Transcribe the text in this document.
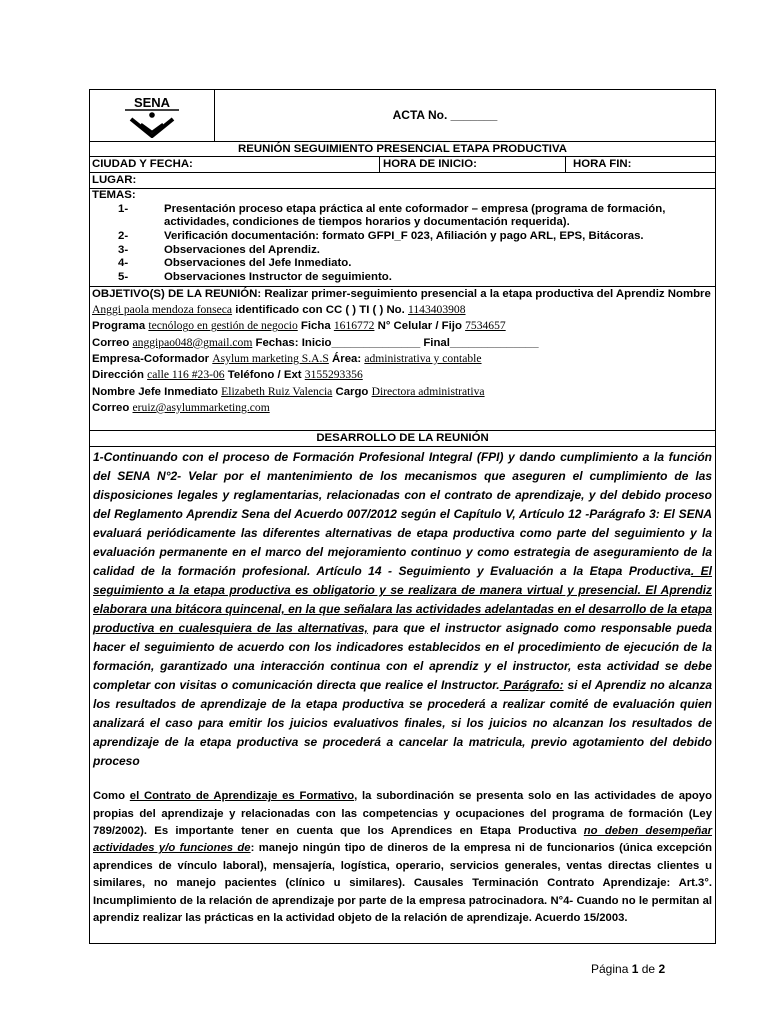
SENA
ACTA No. _______
REUNIÓN SEGUIMIENTO PRESENCIAL ETAPA PRODUCTIVA
CIUDAD Y FECHA:	HORA DE INICIO:	HORA FIN:
LUGAR:
TEMAS:
1-	Presentación proceso etapa práctica al ente coformador – empresa (programa de formación, actividades, condiciones de tiempos horarios y documentación requerida).
2-	Verificación documentación: formato GFPI_F 023, Afiliación y pago ARL, EPS, Bitácoras.
3-	Observaciones del Aprendiz.
4-	Observaciones del Jefe Inmediato.
5-	Observaciones Instructor de seguimiento.
OBJETIVO(S) DE LA REUNIÓN: Realizar primer-seguimiento presencial a la etapa productiva del Aprendiz Nombre Anggi paola mendoza fonseca identificado con CC ( ) TI ( ) No. 1143403908
Programa tecnólogo en gestión de negocio Ficha 1616772 N° Celular / Fijo 7534657
Correo anggipao048@gmail.com Fechas: Inicio______________ Final______________
Empresa-Coformador Asylum marketing S.A.S Área: administrativa y contable
Dirección calle 116 #23-06 Teléfono / Ext 3155293356
Nombre Jefe Inmediato Elizabeth Ruiz Valencia Cargo Directora administrativa
Correo eruiz@asylummarketing.com
DESARROLLO DE LA REUNIÓN
1-Continuando con el proceso de Formación Profesional Integral (FPI) y dando cumplimiento a la función del SENA N°2- Velar por el mantenimiento de los mecanismos que aseguren el cumplimiento de las disposiciones legales y reglamentarias, relacionadas con el contrato de aprendizaje, y del debido proceso del Reglamento Aprendiz Sena del Acuerdo 007/2012 según el Capítulo V, Artículo 12 -Parágrafo 3: El SENA evaluará periódicamente las diferentes alternativas de etapa productiva como parte del seguimiento y la evaluación permanente en el marco del mejoramiento continuo y como estrategia de aseguramiento de la calidad de la formación profesional. Artículo 14 - Seguimiento y Evaluación a la Etapa Productiva. El seguimiento a la etapa productiva es obligatorio y se realizara de manera virtual y presencial. El Aprendiz elaborara una bitácora quincenal, en la que señalara las actividades adelantadas en el desarrollo de la etapa productiva en cualesquiera de las alternativas, para que el instructor asignado como responsable pueda hacer el seguimiento de acuerdo con los indicadores establecidos en el procedimiento de ejecución de la formación, garantizado una interacción continua con el aprendiz y el instructor, esta actividad se debe completar con visitas o comunicación directa que realice el Instructor. Parágrafo: si el Aprendiz no alcanza los resultados de aprendizaje de la etapa productiva se procederá a realizar comité de evaluación quien analizará el caso para emitir los juicios evaluativos finales, si los juicios no alcanzan los resultados de aprendizaje de la etapa productiva se procederá a cancelar la matricula, previo agotamiento del debido proceso
Como el Contrato de Aprendizaje es Formativo, la subordinación se presenta solo en las actividades de apoyo propias del aprendizaje y relacionadas con las competencias y ocupaciones del programa de formación (Ley 789/2002). Es importante tener en cuenta que los Aprendices en Etapa Productiva no deben desempeñar actividades y/o funciones de: manejo ningún tipo de dineros de la empresa ni de funcionarios (única excepción aprendices de vínculo laboral), mensajería, logística, operario, servicios generales, ventas directas clientes u similares, no manejo pacientes (clínico u similares). Causales Terminación Contrato Aprendizaje: Art.3°. Incumplimiento de la relación de aprendizaje por parte de la empresa patrocinadora. N°4- Cuando no le permitan al aprendiz realizar las prácticas en la actividad objeto de la relación de aprendizaje. Acuerdo 15/2003.
Página 1 de 2
